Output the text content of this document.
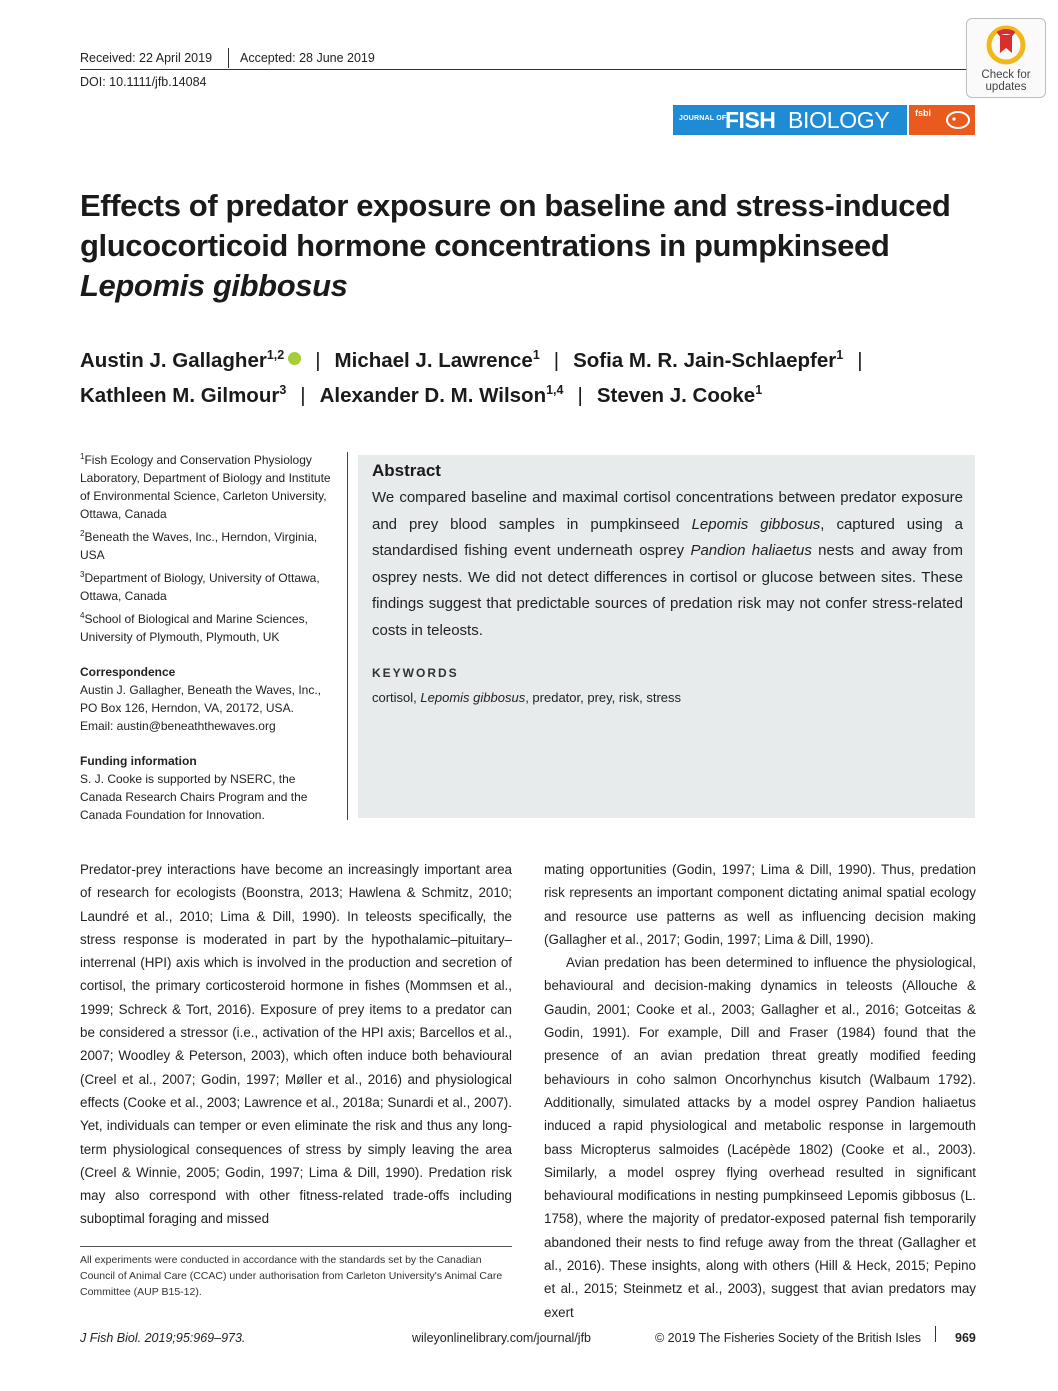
Received: 22 April 2019 Accepted: 28 June 2019
DOI: 10.1111/jfb.14084	Check for updates
JOURNAL OF
FISH BIOLOGY	fsbi
Effects of predator exposure on baseline and stress-induced glucocorticoid hormone concentrations in pumpkinseed
Lepomis gibbosus
Austin J. Gallagher$^{1,2}$ | Michael J. Lawrence$^1$ | Sofia M. R. Jain-Schlaepfer$^1$ |
Kathleen M. Gilmour$^3$ | Alexander D. M. Wilson$^{1,4}$ | Steven J. Cooke$^1$
$^1$Fish Ecology and Conservation Physiology Laboratory, Department of Biology and Institute of Environmental Science, Carleton University, Ottawa, Canada
$^2$Beneath the Waves, Inc., Herndon, Virginia, USA
$^3$Department of Biology, University of Ottawa, Ottawa, Canada
$^4$School of Biological and Marine Sciences, University of Plymouth, Plymouth, UK
Correspondence
Austin J. Gallagher, Beneath the Waves, Inc.,
PO Box 126, Herndon, VA, 20172, USA.
Email: austin@beneaththewaves.org
Funding information
S. J. Cooke is supported by NSERC, the Canada Research Chairs Program and the Canada Foundation for Innovation.
Abstract
We compared baseline and maximal cortisol concentrations between predator exposure and prey blood samples in pumpkinseed Lepomis gibbosus, captured using a standardised fishing event underneath osprey Pandion haliaetus nests and away from osprey nests. We did not detect differences in cortisol or glucose between sites. These findings suggest that predictable sources of predation risk may not confer stress-related costs in teleosts.
KEYWORDS
cortisol, Lepomis gibbosus, predator, prey, risk, stress

Predator-prey interactions have become an increasingly important area of research for ecologists (Boonstra, 2013; Hawlena & Schmitz, 2010; Laundré et al., 2010; Lima & Dill, 1990). In teleosts specifically, the stress response is moderated in part by the hypothalamic–pituitary–interrenal (HPI) axis which is involved in the production and secretion of cortisol, the primary corticosteroid hormone in fishes (Mommsen et al., 1999; Schreck & Tort, 2016). Exposure of prey items to a predator can be considered a stressor (i.e., activation of the HPI axis; Barcellos et al., 2007; Woodley & Peterson, 2003), which often induce both behavioural (Creel et al., 2007; Godin, 1997; Møller et al., 2016) and physiological effects (Cooke et al., 2003; Lawrence et al., 2018a; Sunardi et al., 2007). Yet, individuals can temper or even eliminate the risk and thus any long-term physiological consequences of stress by simply leaving the area (Creel & Winnie, 2005; Godin, 1997; Lima & Dill, 1990). Predation risk may also correspond with other fitness-related trade-offs including suboptimal foraging and missed

mating opportunities (Godin, 1997; Lima & Dill, 1990). Thus, predation risk represents an important component dictating animal spatial ecology and resource use patterns as well as influencing decision making (Gallagher et al., 2017; Godin, 1997; Lima & Dill, 1990).

Avian predation has been determined to influence the physiological, behavioural and decision-making dynamics in teleosts (Allouche & Gaudin, 2001; Cooke et al., 2003; Gallagher et al., 2016; Gotceitas & Godin, 1991). For example, Dill and Fraser (1984) found that the presence of an avian predation threat greatly modified feeding behaviours in coho salmon Oncorhynchus kisutch (Walbaum 1792). Additionally, simulated attacks by a model osprey Pandion haliaetus induced a rapid physiological and metabolic response in largemouth bass Micropterus salmoides (Lacépède 1802) (Cooke et al., 2003). Similarly, a model osprey flying overhead resulted in significant behavioural modifications in nesting pumpkinseed Lepomis gibbosus (L. 1758), where the majority of predator-exposed paternal fish temporarily abandoned their nests to find refuge away from the threat (Gallagher et al., 2016). These insights, along with others (Hill & Heck, 2015; Pepino et al., 2015; Steinmetz et al., 2003), suggest that avian predators may exert

All experiments were conducted in accordance with the standards set by the Canadian Council of Animal Care (CCAC) under authorisation from Carleton University's Animal Care Committee (AUP B15-12).
J Fish Biol. 2019;95:969–973.	wileyonlinelibrary.com/journal/jfb	© 2019 The Fisheries Society of the British Isles	969
